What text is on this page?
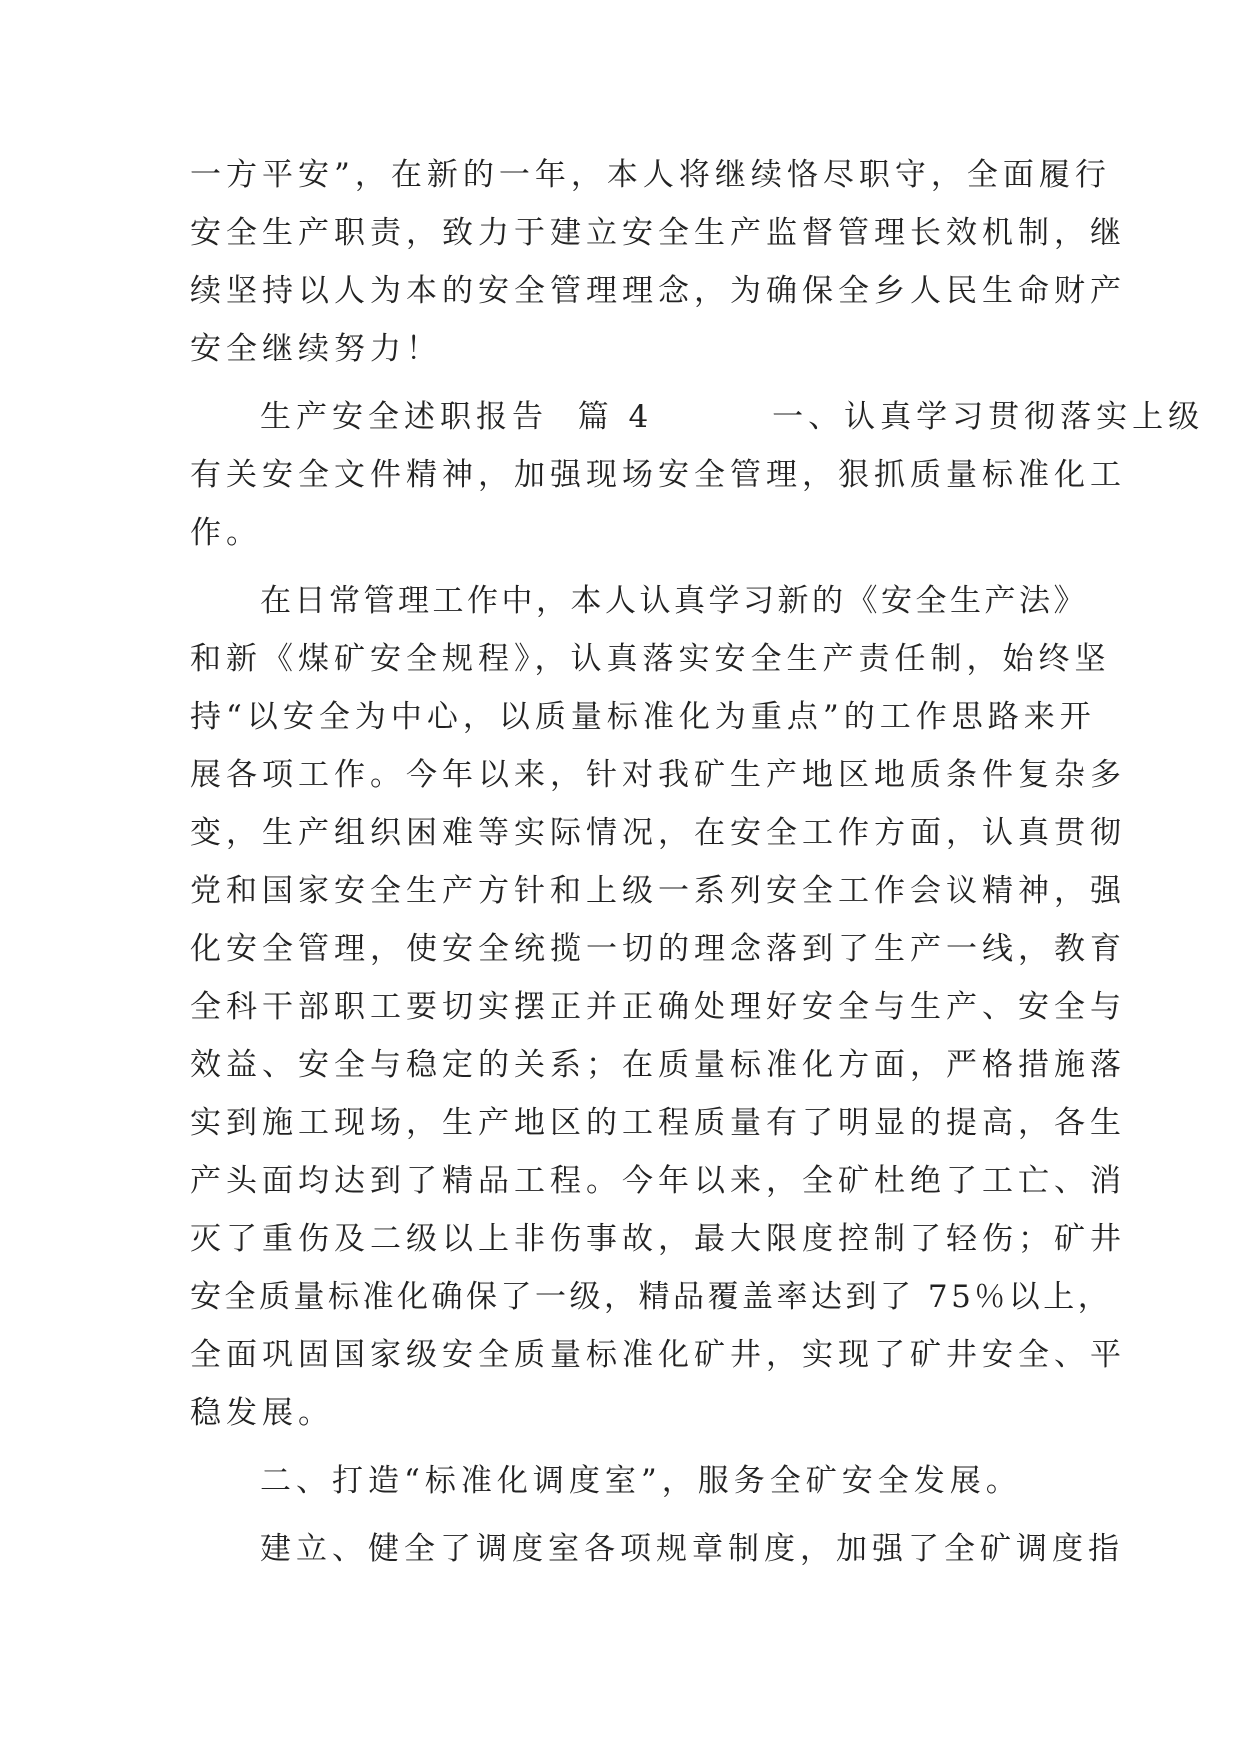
一方平安”，在新的一年，本人将继续恪尽职守，全面履行
安全生产职责，致力于建立安全生产监督管理长效机制，继
续坚持以人为本的安全管理理念，为确保全乡人民生命财产
安全继续努力！
生产安全述职报告  篇 4        一、认真学习贯彻落实上级
有关安全文件精神，加强现场安全管理，狠抓质量标准化工
作。
在日常管理工作中，本人认真学习新的《安全生产法》
和新《煤矿安全规程》，认真落实安全生产责任制，始终坚
持“以安全为中心，以质量标准化为重点”的工作思路来开
展各项工作。今年以来，针对我矿生产地区地质条件复杂多
变，生产组织困难等实际情况，在安全工作方面，认真贯彻
党和国家安全生产方针和上级一系列安全工作会议精神，强
化安全管理，使安全统揽一切的理念落到了生产一线，教育
全科干部职工要切实摆正并正确处理好安全与生产、安全与
效益、安全与稳定的关系；在质量标准化方面，严格措施落
实到施工现场，生产地区的工程质量有了明显的提高，各生
产头面均达到了精品工程。今年以来，全矿杜绝了工亡、消
灭了重伤及二级以上非伤事故，最大限度控制了轻伤；矿井
安全质量标准化确保了一级，精品覆盖率达到了 75％以上，
全面巩固国家级安全质量标准化矿井，实现了矿井安全、平
稳发展。
二、打造“标准化调度室”，服务全矿安全发展。
建立、健全了调度室各项规章制度，加强了全矿调度指
